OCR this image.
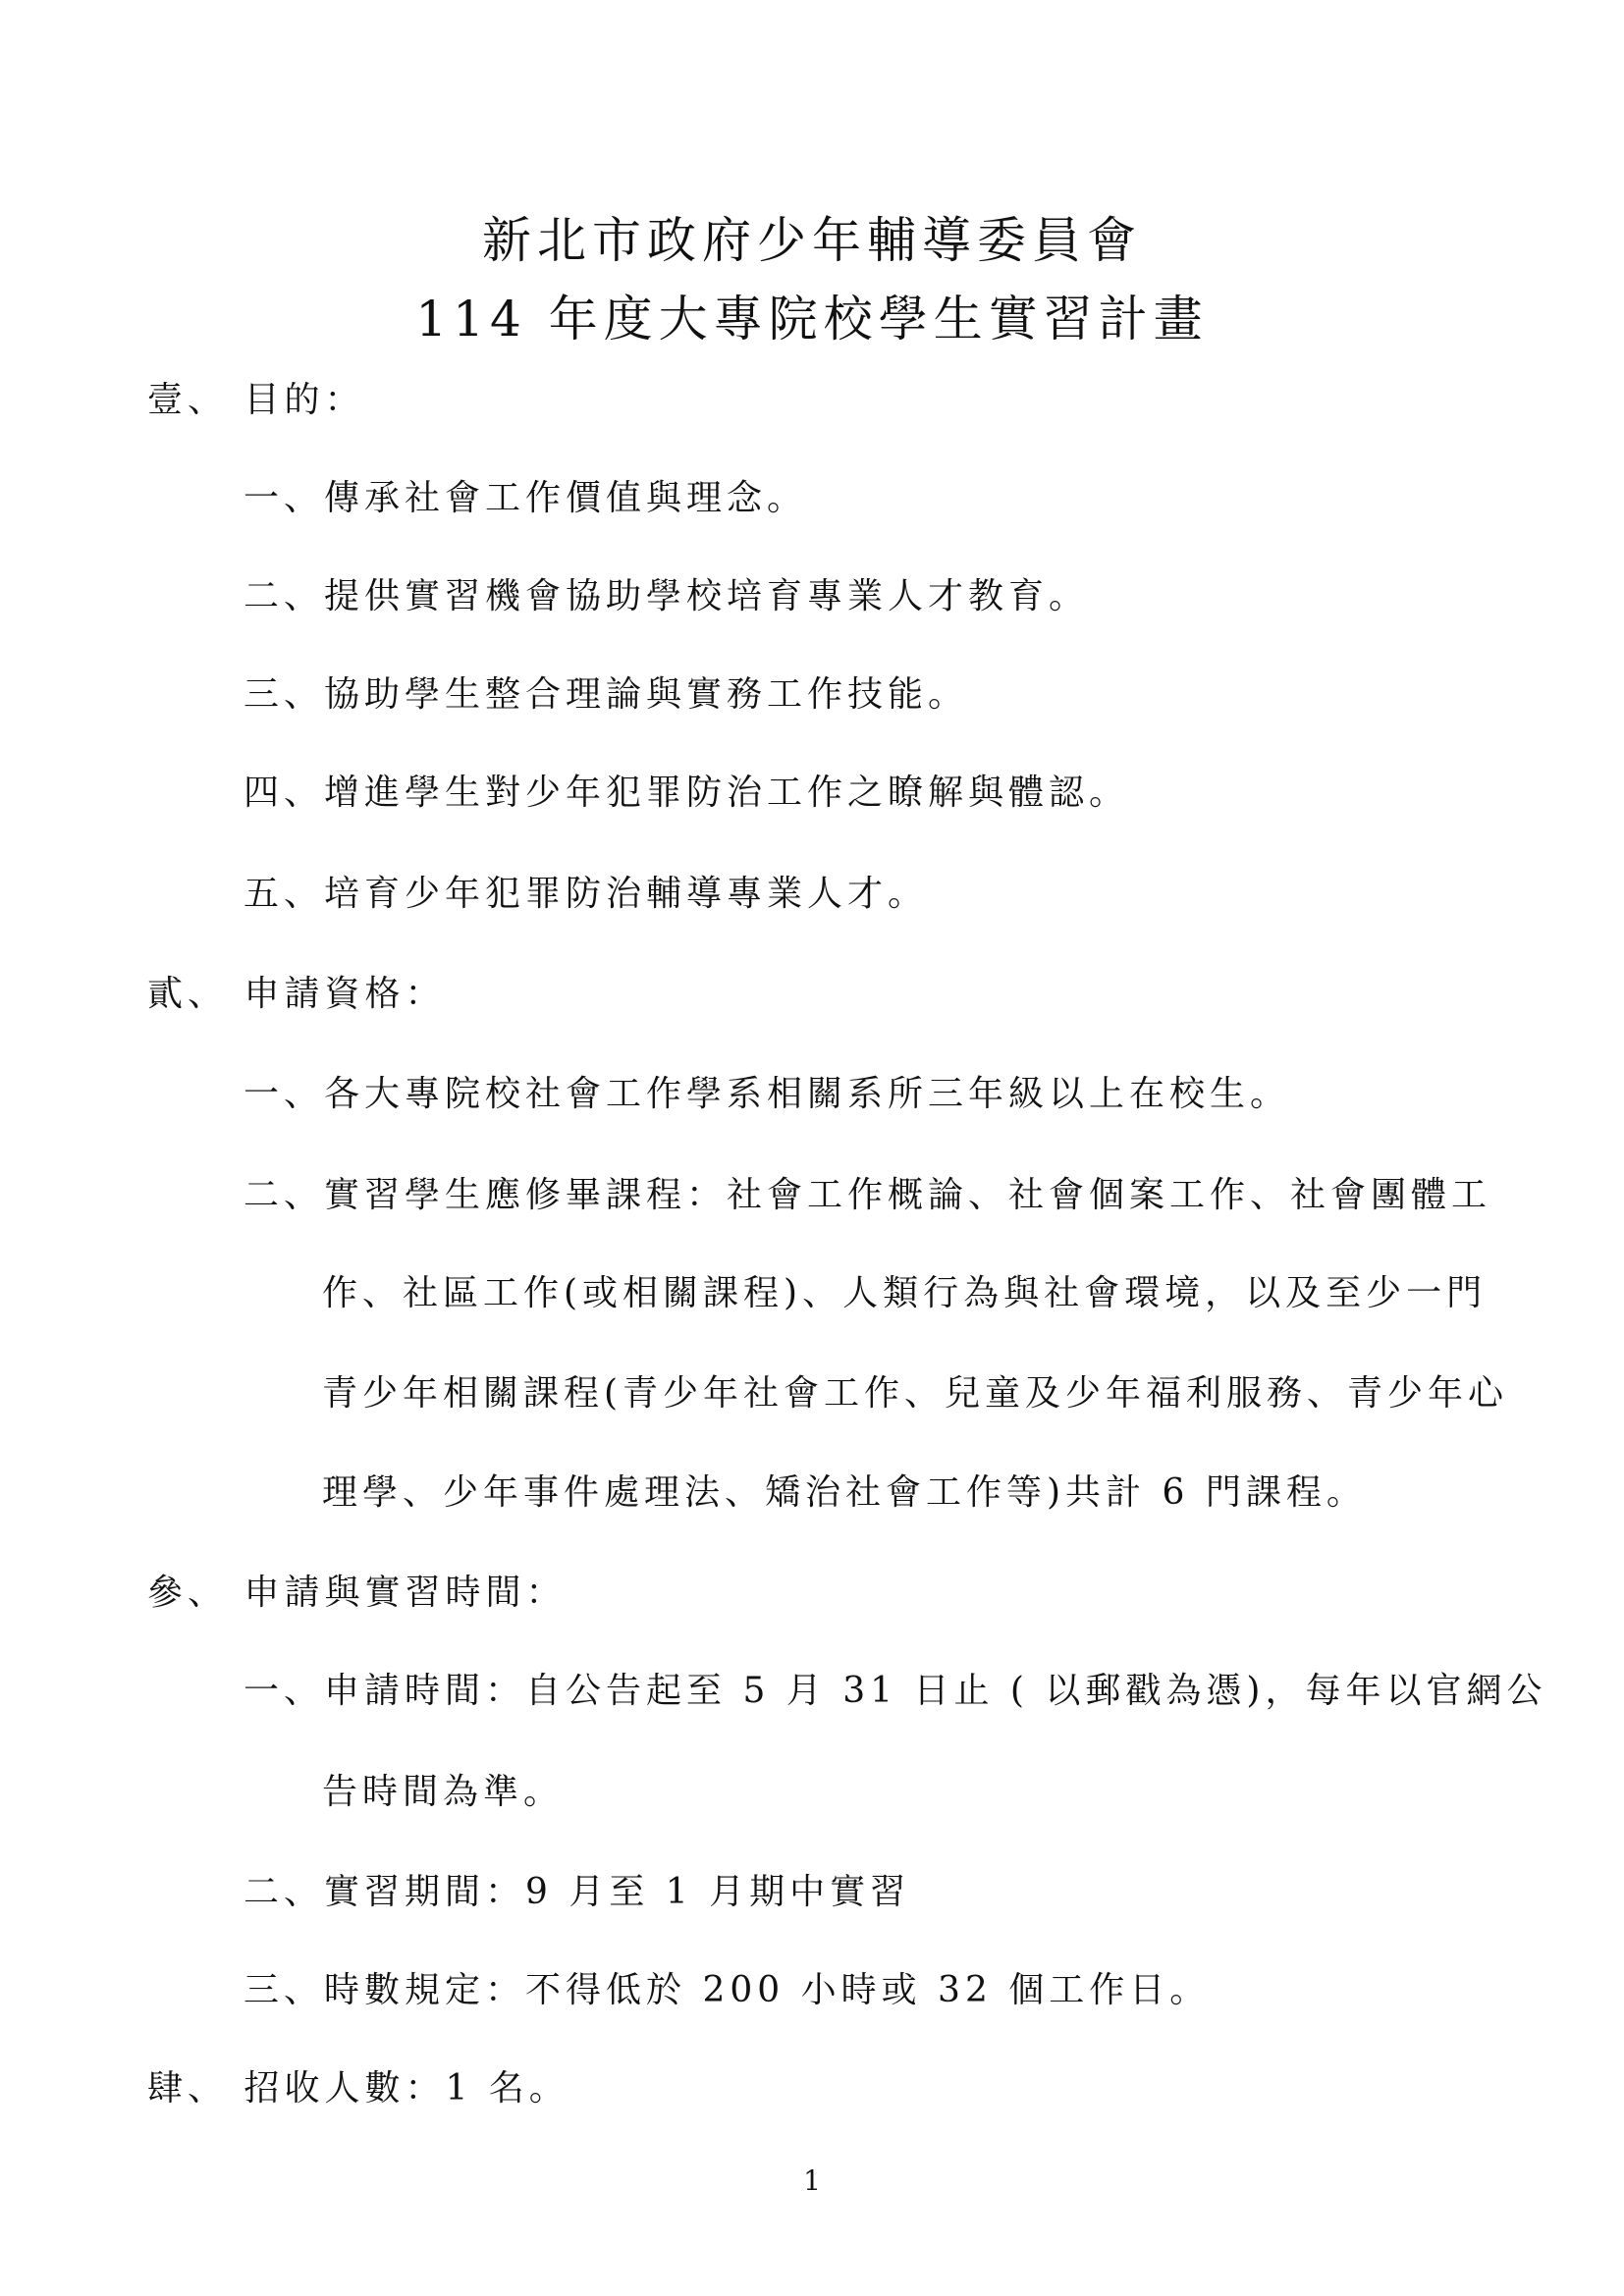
新北市政府少年輔導委員會
114 年度大專院校學生實習計畫
壹、 目的：
一、傳承社會工作價值與理念。
二、提供實習機會協助學校培育專業人才教育。
三、協助學生整合理論與實務工作技能。
四、增進學生對少年犯罪防治工作之瞭解與體認。
五、培育少年犯罪防治輔導專業人才。
貳、 申請資格：
一、各大專院校社會工作學系相關系所三年級以上在校生。
二、實習學生應修畢課程：社會工作概論、社會個案工作、社會團體工
作、社區工作(或相關課程)、人類行為與社會環境，以及至少一門
青少年相關課程(青少年社會工作、兒童及少年福利服務、青少年心
理學、少年事件處理法、矯治社會工作等)共計 6 門課程。
參、 申請與實習時間：
一、申請時間：自公告起至 5 月 31 日止 ( 以郵戳為憑)，每年以官網公
告時間為準。
二、實習期間：9 月至 1 月期中實習
三、時數規定：不得低於 200 小時或 32 個工作日。
肆、 招收人數：1 名。
1
